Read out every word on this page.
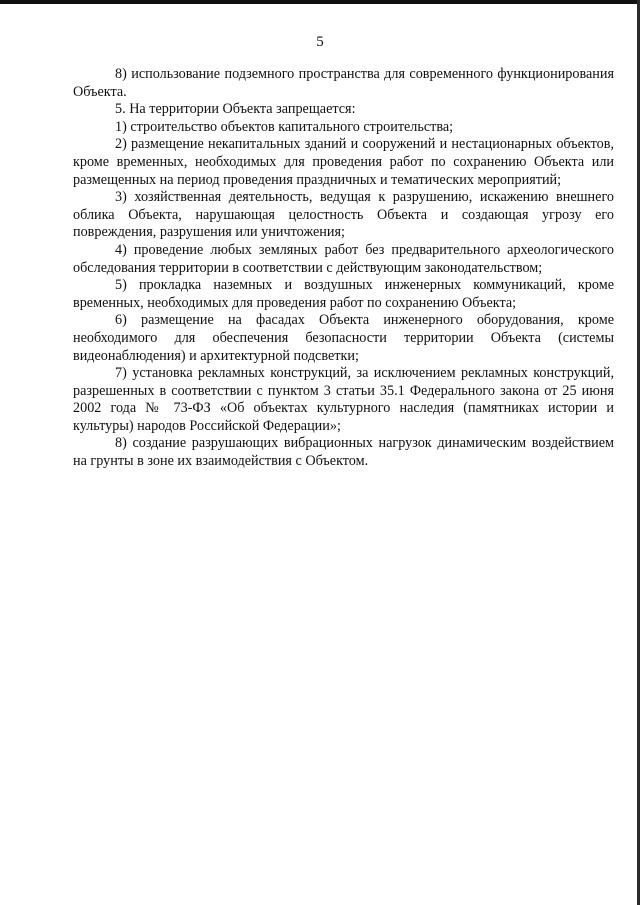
5

8) использование подземного пространства для современного функционирования Объекта.

5. На территории Объекта запрещается:

1) строительство объектов капитального строительства;

2) размещение некапитальных зданий и сооружений и нестационарных объектов, кроме временных, необходимых для проведения работ по сохранению Объекта или размещенных на период проведения праздничных и тематических мероприятий;

3) хозяйственная деятельность, ведущая к разрушению, искажению внешнего облика Объекта, нарушающая целостность Объекта и создающая угрозу его повреждения, разрушения или уничтожения;

4) проведение любых земляных работ без предварительного археологического обследования территории в соответствии с действующим законодательством;

5) прокладка наземных и воздушных инженерных коммуникаций, кроме временных, необходимых для проведения работ по сохранению Объекта;

6) размещение на фасадах Объекта инженерного оборудования, кроме необходимого для обеспечения безопасности территории Объекта (системы видеонаблюдения) и архитектурной подсветки;

7) установка рекламных конструкций, за исключением рекламных конструкций, разрешенных в соответствии с пунктом 3 статьи 35.1 Федерального закона от 25 июня 2002 года № 73-ФЗ «Об объектах культурного наследия (памятниках истории и культуры) народов Российской Федерации»;

8) создание разрушающих вибрационных нагрузок динамическим воздействием на грунты в зоне их взаимодействия с Объектом.
